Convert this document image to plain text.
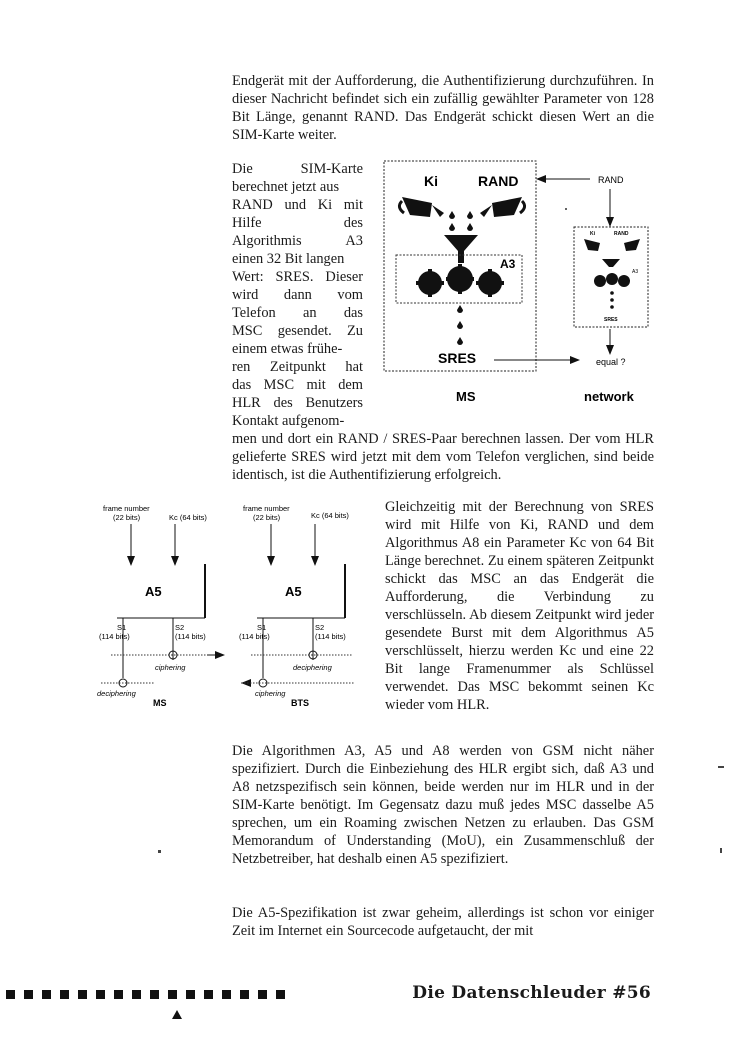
Endgerät mit der Aufforderung, die Authentifizierung durchzuführen. In dieser Nachricht befindet sich ein zufällig gewählter Parameter von 128 Bit Länge, genannt RAND. Das Endgerät schickt diesen Wert an die SIM-Karte weiter.

Die SIM-Karte
berechnet jetzt aus
RAND und Ki mit
Hilfe des
Algorithmis A3
einen 32 Bit langen
Wert: SRES. Dieser
wird dann vom
Telefon an das
MSC gesendet. Zu
einem etwas frühe-
ren Zeitpunkt hat
das MSC mit dem
HLR des Benutzers
Kontakt aufgenom-
Ki	RAND
A3
SRES
MS
RAND
Ki	RAND
A3
SRES
equal ?
network

men und dort ein RAND / SRES-Paar berechnen lassen. Der vom HLR gelieferte SRES wird jetzt mit dem vom Telefon verglichen, sind beide identisch, ist die Authentifizierung erfolgreich.

frame number
(22 bits)	Kc (64 bits)
A5
S1
(114 bits)
S2
(114 bits)
ciphering
deciphering
MS
frame number
(22 bits)	Kc (64 bits)
A5
S1
(114 bits)
S2
(114 bits)
deciphering
ciphering
BTS

Gleichzeitig mit der Berechnung von SRES wird mit Hilfe von Ki, RAND und dem Algorithmus A8 ein Parameter Kc von 64 Bit Länge berechnet. Zu einem späteren Zeitpunkt schickt das MSC an das Endgerät die Aufforderung, die Verbindung zu verschlüsseln. Ab diesem Zeitpunkt wird jeder gesendete Burst mit dem Algorithmus A5 verschlüsselt, hierzu werden Kc und eine 22 Bit lange Framenummer als Schlüssel verwendet. Das MSC bekommt seinen Kc wieder vom HLR.

Die Algorithmen A3, A5 und A8 werden von GSM nicht näher spezifiziert. Durch die Einbeziehung des HLR ergibt sich, daß A3 und A8 netzspezifisch sein können, beide werden nur im HLR und in der SIM-Karte benötigt. Im Gegensatz dazu muß jedes MSC dasselbe A5 sprechen, um ein Roaming zwischen Netzen zu erlauben. Das GSM Memorandum of Understanding (MoU), ein Zusammenschluß der Netzbetreiber, hat deshalb einen A5 spezifiziert.

Die A5-Spezifikation ist zwar geheim, allerdings ist schon vor einiger Zeit im Internet ein Sourcecode aufgetaucht, der mit

Die Datenschleuder #56
